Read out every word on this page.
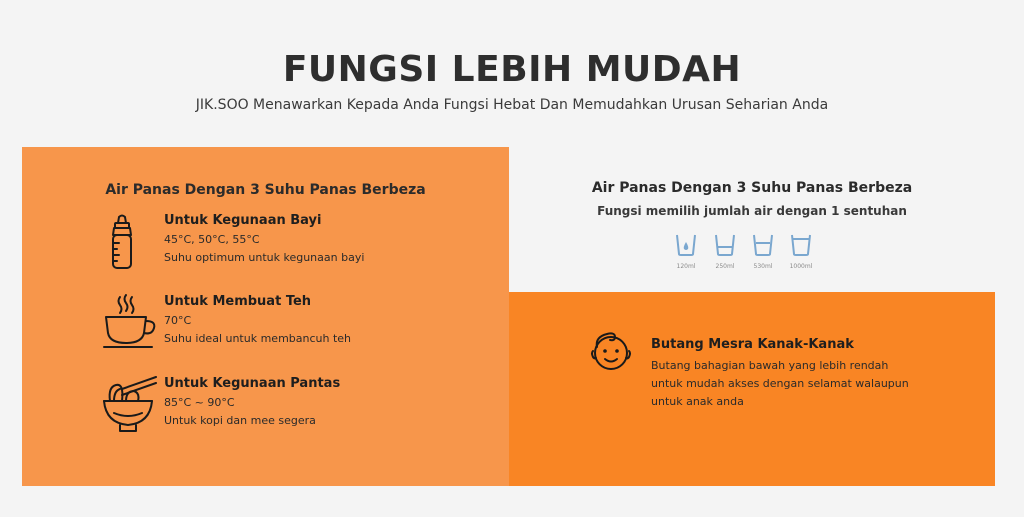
FUNGSI LEBIH MUDAH
JIK.SOO Menawarkan Kepada Anda Fungsi Hebat Dan Memudahkan Urusan Seharian Anda
Air Panas Dengan 3 Suhu Panas Berbeza
Untuk Kegunaan Bayi
45°C, 50°C, 55°C
Suhu optimum untuk kegunaan bayi
Untuk Membuat Teh
70°C
Suhu ideal untuk membancuh teh
Untuk Kegunaan Pantas
85°C ~ 90°C
Untuk kopi dan mee segera
Air Panas Dengan 3 Suhu Panas Berbeza
Fungsi memilih jumlah air dengan 1 sentuhan
120ml	250ml	530ml	1000ml
Butang Mesra Kanak-Kanak
Butang bahagian bawah yang lebih rendah
untuk mudah akses dengan selamat walaupun
untuk anak anda
